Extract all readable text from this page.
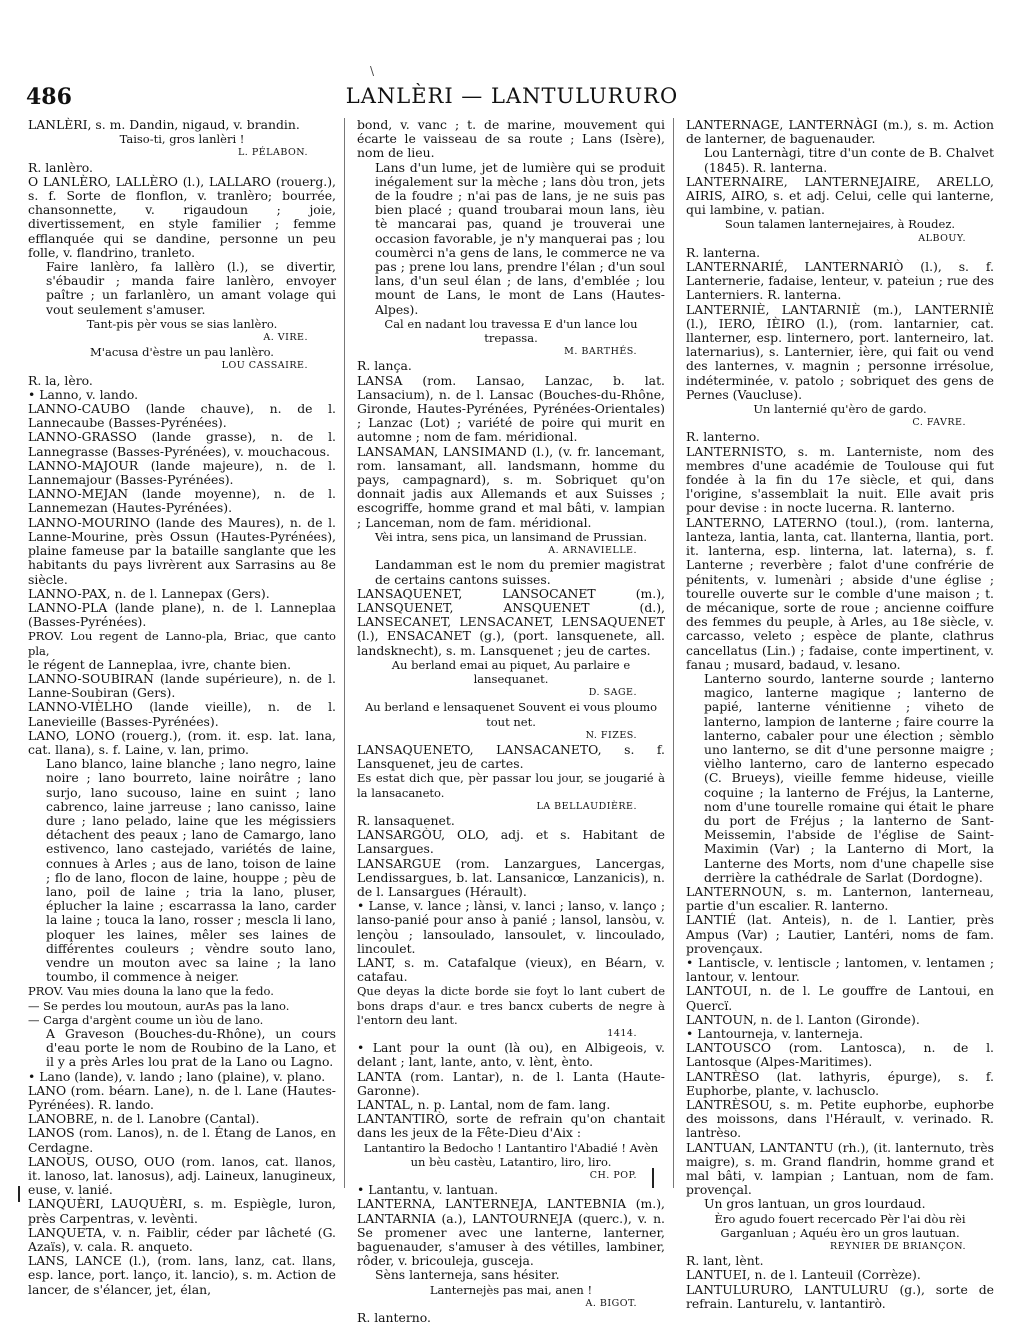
\
486	LANLÈRI — LANTULURURO

LANLÈRI, s. m. Dandin, nigaud, v. brandin.

Taiso-ti, gros lanlèri !

L. PÉLABON.

R. lanlèro.

O LANLÈRO, LALLÈRO (l.), LALLARO (rouerg.), s. f. Sorte de flonflon, v. tranlèro; bourrée, chansonnette, v. rigaudoun ; joie, divertissement, en style familier ; femme efflanquée qui se dandine, personne un peu folle, v. flandrino, tranleto.

Faire lanlèro, fa lallèro (l.), se divertir, s'ébaudir ; manda faire lanlèro, envoyer paître ; un farlanlèro, un amant volage qui vout seulement s'amuser.

Tant-pis pèr vous se sias lanlèro.

A. VIRE.

M'acusa d'èstre un pau lanlèro.

LOU CASSAIRE.

R. la, lèro.

• Lanno, v. lando.

LANNO-CAUBO (lande chauve), n. de l. Lannecaube (Basses-Pyrénées).

LANNO-GRASSO (lande grasse), n. de l. Lannegrasse (Basses-Pyrénées), v. mouchacous.

LANNO-MAJOUR (lande majeure), n. de l. Lannemajour (Basses-Pyrénées).

LANNO-MEJAN (lande moyenne), n. de l. Lannemezan (Hautes-Pyrénées).

LANNO-MOURINO (lande des Maures), n. de l. Lanne-Mourine, près Ossun (Hautes-Pyrénées), plaine fameuse par la bataille sanglante que les habitants du pays livrèrent aux Sarrasins au 8e siècle.

LANNO-PAX, n. de l. Lannepax (Gers).

LANNO-PLA (lande plane), n. de l. Lanneplaa (Basses-Pyrénées).

PROV. Lou regent de Lanno-pla, Briac, que canto pla,

le régent de Lanneplaa, ivre, chante bien.

LANNO-SOUBIRAN (lande supérieure), n. de l. Lanne-Soubiran (Gers).

LANNO-VIÈLHO (lande vieille), n. de l. Lanevieille (Basses-Pyrénées).

LANO, LONO (rouerg.), (rom. it. esp. lat. lana, cat. llana), s. f. Laine, v. lan, primo.

Lano blanco, laine blanche ; lano negro, laine noire ; lano bourreto, laine noirâtre ; lano surjo, lano sucouso, laine en suint ; lano cabrenco, laine jarreuse ; lano canisso, laine dure ; lano pelado, laine que les mégissiers détachent des peaux ; lano de Camargo, lano estivenco, lano castejado, variétés de laine, connues à Arles ; aus de lano, toison de laine ; flo de lano, flocon de laine, houppe ; pèu de lano, poil de laine ; tria la lano, pluser, éplucher la laine ; escarrassa la lano, carder la laine ; touca la lano, rosser ; mescla li lano, ploquer les laines, mêler ses laines de différentes couleurs ; vèndre souto lano, vendre un mouton avec sa laine ; la lano toumbo, il commence à neiger.

PROV. Vau mies douna la lano que la fedo.

— Se perdes lou moutoun, aurAs pas la lano.

— Carga d'argènt coume un ìòu de lano.

A Graveson (Bouches-du-Rhône), un cours d'eau porte le nom de Roubino de la Lano, et il y a près Arles lou prat de la Lano ou Lagno.

• Lano (lande), v. lando ; lano (plaine), v. plano.

LANO (rom. béarn. Lane), n. de l. Lane (Hautes-Pyrénées). R. lando.

LANOBRE, n. de l. Lanobre (Cantal).

LANOS (rom. Lanos), n. de l. Étang de Lanos, en Cerdagne.

LANOUS, OUSO, OUO (rom. lanos, cat. llanos, it. lanoso, lat. lanosus), adj. Laineux, lanugineux, euse, v. lanié.

LANQUÈRI, LAUQUÈRI, s. m. Espiègle, luron, près Carpentras, v. levènti.

LANQUETA, v. n. Faiblir, céder par lâcheté (G. Azaïs), v. cala. R. anqueto.

LANS, LANCE (l.), (rom. lans, lanz, cat. llans, esp. lance, port. lanço, it. lancio), s. m. Action de lancer, de s'élancer, jet, élan,

bond, v. vanc ; t. de marine, mouvement qui écarte le vaisseau de sa route ; Lans (Isère), nom de lieu.

Lans d'un lume, jet de lumière qui se produit inégalement sur la mèche ; lans dòu tron, jets de la foudre ; n'ai pas de lans, je ne suis pas bien placé ; quand troubarai moun lans, ièu tè mancarai pas, quand je trouverai une occasion favorable, je n'y manquerai pas ; lou coumèrci n'a gens de lans, le commerce ne va pas ; prene lou lans, prendre l'élan ; d'un soul lans, d'un seul élan ; de lans, d'emblée ; lou mount de Lans, le mont de Lans (Hautes-Alpes).

Cal en nadant lou travessa E d'un lance lou trepassa.

M. BARTHÉS.

R. lança.

LANSA (rom. Lansao, Lanzac, b. lat. Lansacium), n. de l. Lansac (Bouches-du-Rhône, Gironde, Hautes-Pyrénées, Pyrénées-Orientales) ; Lanzac (Lot) ; variété de poire qui murit en automne ; nom de fam. méridional.

LANSAMAN, LANSIMAND (l.), (v. fr. lancemant, rom. lansamant, all. landsmann, homme du pays, campagnard), s. m. Sobriquet qu'on donnait jadis aux Allemands et aux Suisses ; escogriffe, homme grand et mal bâti, v. lampian ; Lanceman, nom de fam. méridional.

Vèi intra, sens pica, un lansimand de Prussian.

A. ARNAVIELLE.

Landamman est le nom du premier magistrat de certains cantons suisses.

LANSAQUENET, LANSOCANET (m.), LANSQUENET, ANSQUENET (d.), LANSECANET, LENSACANET, LENSAQUENET (l.), ENSACANET (g.), (port. lansquenete, all. landsknecht), s. m. Lansquenet ; jeu de cartes.

Au berland emai au piquet, Au parlaire e lansequanet.

D. SAGE.

Au berland e lensaquenet Souvent ei vous ploumo tout net.

N. FIZES.

LANSAQUENETO, LANSACANETO, s. f. Lansquenet, jeu de cartes.

Es estat dich que, pèr passar lou jour, se jougarié à la lansacaneto.

LA BELLAUDIÈRE.

R. lansaquenet.

LANSARGÒU, OLO, adj. et s. Habitant de Lansargues.

LANSARGUE (rom. Lanzargues, Lancergas, Lendissargues, b. lat. Lansanicœ, Lanzanicis), n. de l. Lansargues (Hérault).

• Lanse, v. lance ; lànsi, v. lanci ; lanso, v. lanço ; lanso-panié pour anso à panié ; lansol, lansòu, v. lençòu ; lansoulado, lansoulet, v. lincoulado, lincoulet.

LANT, s. m. Catafalque (vieux), en Béarn, v. catafau.

Que deyas la dicte borde sie foyt lo lant cubert de bons draps d'aur. e tres bancx cuberts de negre à l'entorn deu lant.

1414.

• Lant pour la ount (là ou), en Albigeois, v. delant ; lant, lante, anto, v. lènt, ènto.

LANTA (rom. Lantar), n. de l. Lanta (Haute-Garonne).

LANTAL, n. p. Lantal, nom de fam. lang.

LANTANTIRÒ, sorte de refrain qu'on chantait dans les jeux de la Fête-Dieu d'Aix :

Lantantiro la Bedocho ! Lantantiro l'Abadié ! Avèn un bèu castèu, Latantiro, liro, liro.

CH. POP.

• Lantantu, v. lantuan.

LANTERNA, LANTERNEJA, LANTEBNIA (m.), LANTARNIA (a.), LANTOURNEJA (querc.), v. n. Se promener avec une lanterne, lanterner, baguenauder, s'amuser à des vétilles, lambiner, rôder, v. bricouleja, gusceja.

Sèns lanterneja, sans hésiter.

Lanternejès pas mai, anen !

A. BIGOT.

R. lanterno.

LANTERNAGE, LANTERNÀGI (m.), s. m. Action de lanterner, de baguenauder.

Lou Lanternàgi, titre d'un conte de B. Chalvet (1845). R. lanterna.

LANTERNAIRE, LANTERNEJAIRE, ARELLO, AIRIS, AIRO, s. et adj. Celui, celle qui lanterne, qui lambine, v. patian.

Soun talamen lanternejaires, à Roudez.

ALBOUY.

R. lanterna.

LANTERNARIÉ, LANTERNARIÒ (l.), s. f. Lanternerie, fadaise, lenteur, v. pateiun ; rue des Lanterniers. R. lanterna.

LANTERNIÈ, LANTARNIÈ (m.), LANTERNIÈ (l.), IERO, IÈIRO (l.), (rom. lantarnier, cat. llanterner, esp. linternero, port. lanterneiro, lat. laternarius), s. Lanternier, ière, qui fait ou vend des lanternes, v. magnin ; personne irrésolue, indéterminée, v. patolo ; sobriquet des gens de Pernes (Vaucluse).

Un lanternié qu'èro de gardo.

C. FAVRE.

R. lanterno.

LANTERNISTO, s. m. Lanterniste, nom des membres d'une académie de Toulouse qui fut fondée à la fin du 17e siècle, et qui, dans l'origine, s'assemblait la nuit. Elle avait pris pour devise : in nocte lucerna. R. lanterno.

LANTERNO, LATERNO (toul.), (rom. lanterna, lanteza, lantia, lanta, cat. llanterna, llantia, port. it. lanterna, esp. linterna, lat. laterna), s. f. Lanterne ; reverbère ; falot d'une confrérie de pénitents, v. lumenàri ; abside d'une église ; tourelle ouverte sur le comble d'une maison ; t. de mécanique, sorte de roue ; ancienne coiffure des femmes du peuple, à Arles, au 18e siècle, v. carcasso, veleto ; espèce de plante, clathrus cancellatus (Lin.) ; fadaise, conte impertinent, v. fanau ; musard, badaud, v. lesano.

Lanterno sourdo, lanterne sourde ; lanterno magico, lanterne magique ; lanterno de papié, lanterne vénitienne ; viheto de lanterno, lampion de lanterne ; faire courre la lanterno, cabaler pour une élection ; sèmblo uno lanterno, se dit d'une personne maigre ; vièlho lanterno, caro de lanterno especado (C. Brueys), vieille femme hideuse, vieille coquine ; la lanterno de Fréjus, la Lanterne, nom d'une tourelle romaine qui était le phare du port de Fréjus ; la lanterno de Sant-Meissemin, l'abside de l'église de Saint-Maximin (Var) ; la Lanterno di Mort, la Lanterne des Morts, nom d'une chapelle sise derrière la cathédrale de Sarlat (Dordogne).

LANTERNOUN, s. m. Lanternon, lanterneau, partie d'un escalier. R. lanterno.

LANTIÉ (lat. Anteis), n. de l. Lantier, près Ampus (Var) ; Lautier, Lantéri, noms de fam. provençaux.

• Lantiscle, v. lentiscle ; lantomen, v. lentamen ; lantour, v. lentour.

LANTOUI, n. de l. Le gouffre de Lantoui, en Quercï.

LANTOUN, n. de l. Lanton (Gironde).

• Lantourneja, v. lanterneja.

LANTOUSCO (rom. Lantosca), n. de l. Lantosque (Alpes-Maritimes).

LANTRÈSO (lat. lathyris, épurge), s. f. Euphorbe, plante, v. lachusclo.

LANTRÈSOU, s. m. Petite euphorbe, euphorbe des moissons, dans l'Hérault, v. verinado. R. lantrèso.

LANTUAN, LANTANTU (rh.), (it. lanternuto, très maigre), s. m. Grand flandrin, homme grand et mal bâti, v. lampian ; Lantuan, nom de fam. provençal.

Un gros lantuan, un gros lourdaud.

Èro agudo fouert recercado Pèr l'ai dòu rèi Garganluan ; Aquéu èro un gros lautuan.

REYNIER DE BRIANÇON.

R. lant, lènt.

LANTUEI, n. de l. Lanteuil (Corrèze).

LANTULURURO, LANTULURU (g.), sorte de refrain. Lanturelu, v. lantantirò.
